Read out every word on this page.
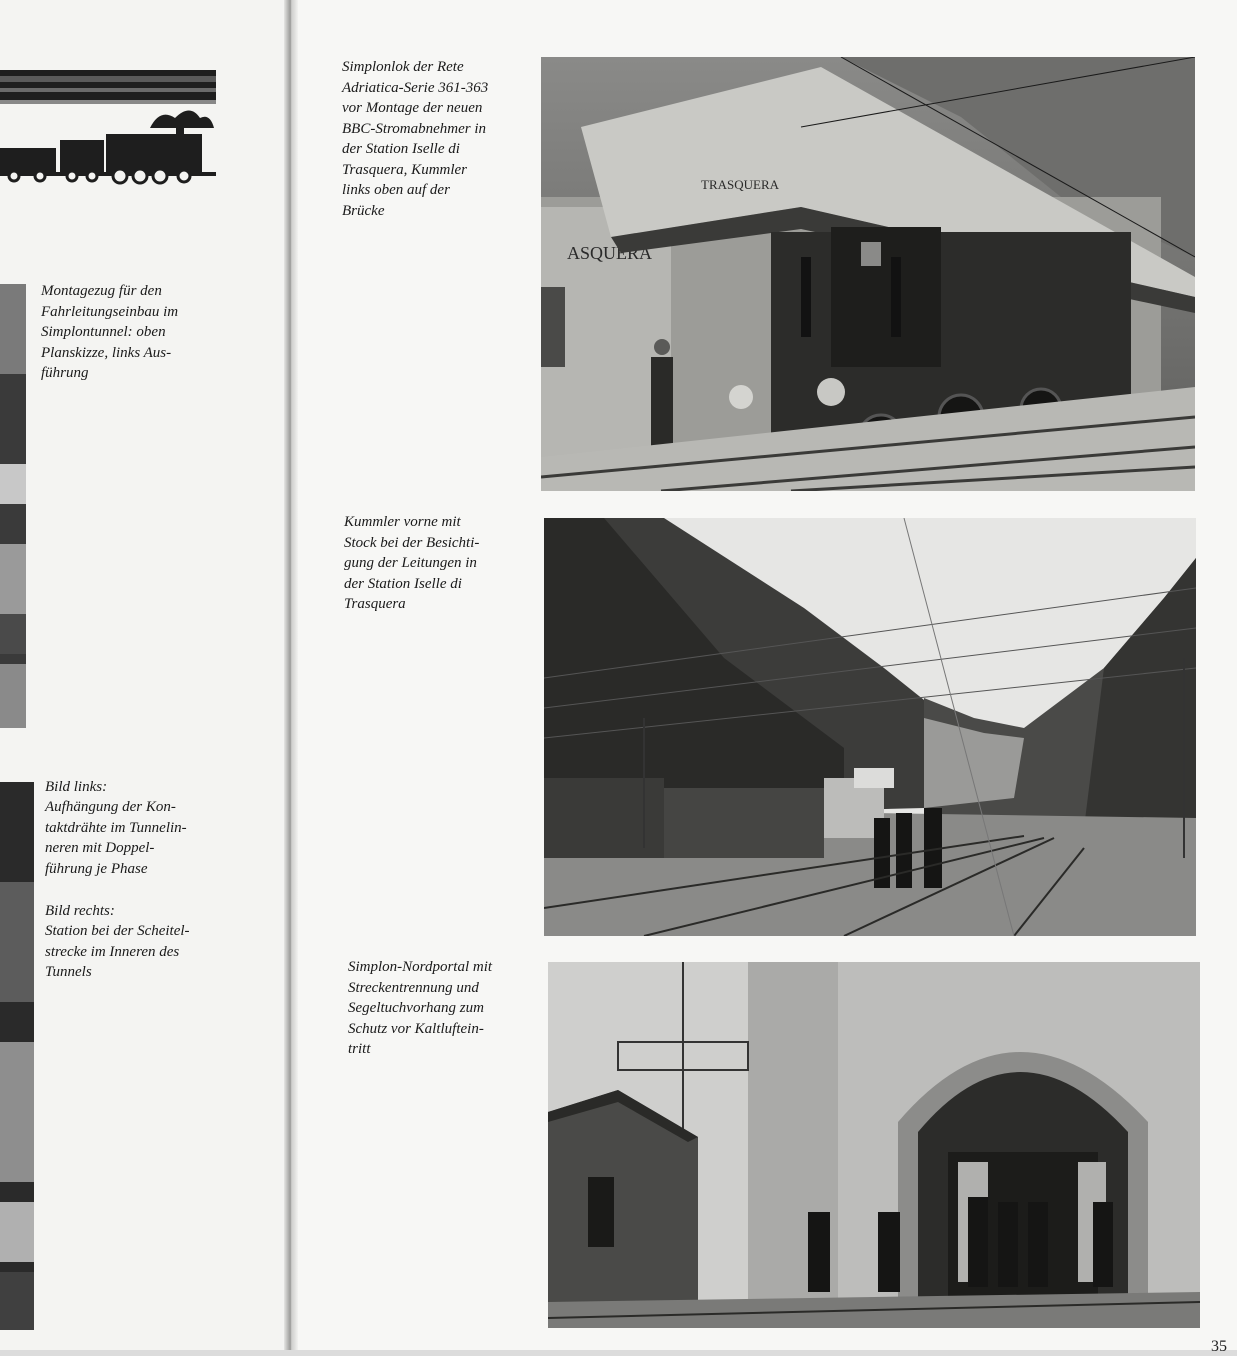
Montagezug für den
Fahrleitungseinbau im
Simplontunnel: oben
Planskizze, links Aus-
führung

Bild links:

Aufhängung der Kon-
taktdrähte im Tunnelin-
neren mit Doppel-
führung je Phase

Bild rechts:

Station bei der Scheitel-
strecke im Inneren des
Tunnels

Simplonlok der Rete
Adriatica-Serie 361-363
vor Montage der neuen
BBC-Stromabnehmer in
der Station Iselle di
Trasquera, Kummler
links oben auf der
Brücke

Kummler vorne mit
Stock bei der Besichti-
gung der Leitungen in
der Station Iselle di
Trasquera

Simplon-Nordportal mit
Streckentrennung und
Segeltuchvorhang zum
Schutz vor Kaltluftein-
tritt

ASQUERA
TRASQUERA
35
